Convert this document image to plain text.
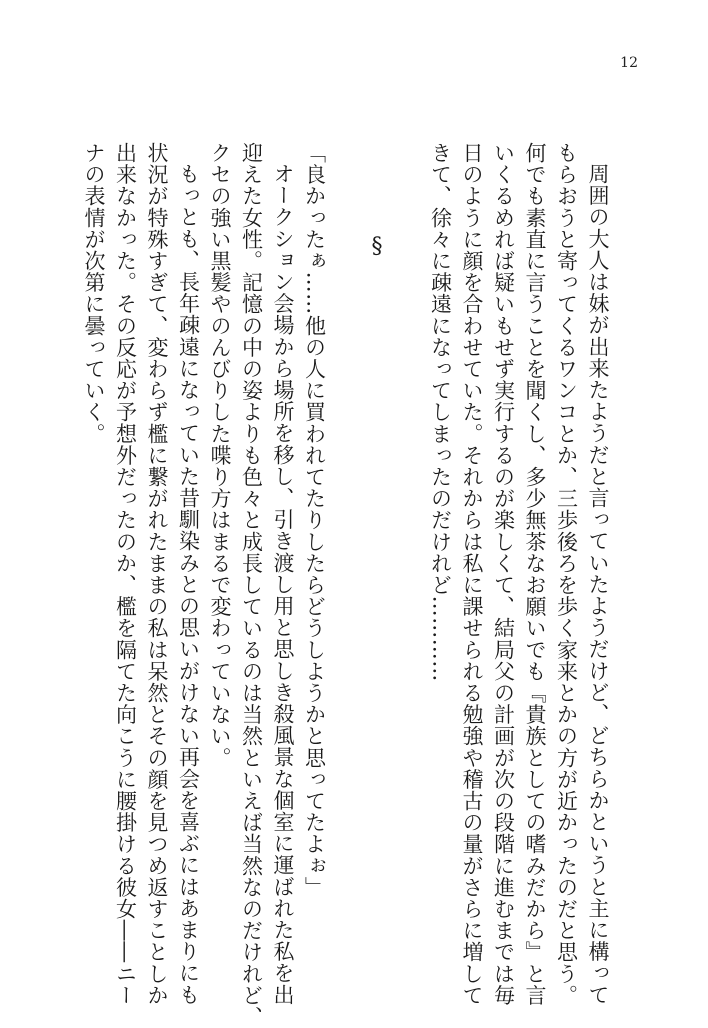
12
周囲の大人は妹が出来たようだと言っていたようだけど、どちらかというと主に構って
もらおうと寄ってくるワンコとか、三歩後ろを歩く家来とかの方が近かったのだと思う。
何でも素直に言うことを聞くし、多少無茶なお願いでも『貴族としての嗜みだから』と言
いくるめれば疑いもせず実行するのが楽しくて、結局父の計画が次の段階に進むまでは毎
日のように顔を合わせていた。それからは私に課せられる勉強や稽古の量がさらに増して
きて、徐々に疎遠になってしまったのだけれど…………
§
「良かったぁ……他の人に買われてたりしたらどうしようかと思ってたよぉ」
オークション会場から場所を移し、引き渡し用と思しき殺風景な個室に運ばれた私を出
迎えた女性。記憶の中の姿よりも色々と成長しているのは当然といえば当然なのだけれど、
クセの強い黒髪やのんびりした喋り方はまるで変わっていない。
もっとも、長年疎遠になっていた昔馴染みとの思いがけない再会を喜ぶにはあまりにも
状況が特殊すぎて、変わらず檻に繋がれたままの私は呆然とその顔を見つめ返すことしか
出来なかった。その反応が予想外だったのか、檻を隔てた向こうに腰掛ける彼女――ニー
ナの表情が次第に曇っていく。
